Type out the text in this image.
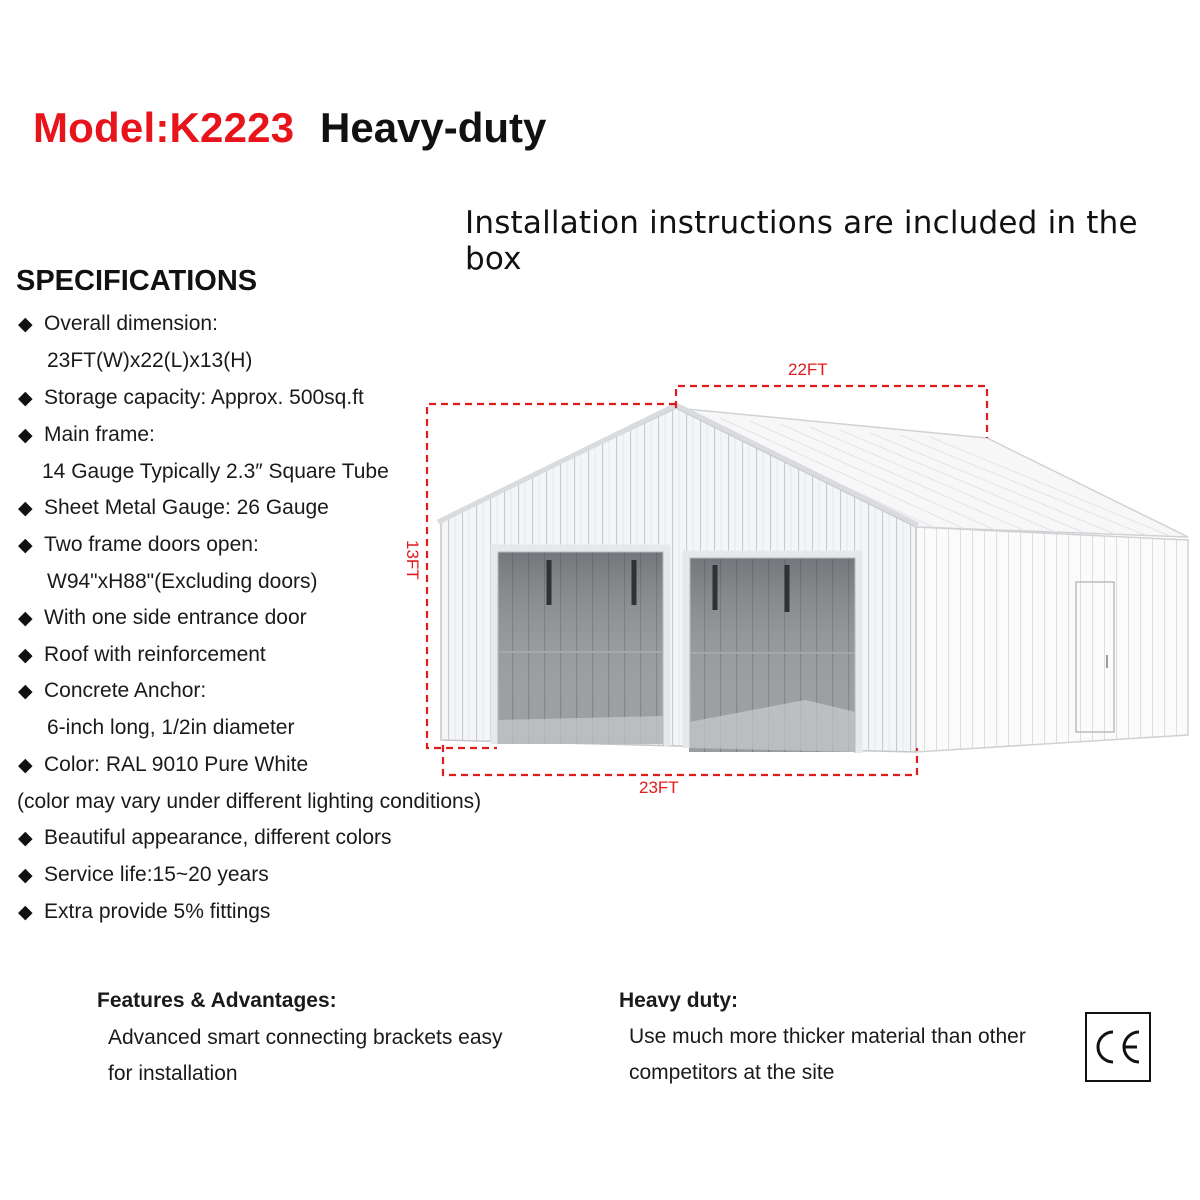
Model:K2223 Heavy-duty
Installation instructions are included in the box
SPECIFICATIONS
◆ Overall dimension:
23FT(W)x22(L)x13(H)
◆ Storage capacity: Approx. 500sq.ft
◆ Main frame:
14 Gauge Typically 2.3″ Square Tube
◆ Sheet Metal Gauge: 26 Gauge
◆ Two frame doors open:
W94"xH88"(Excluding doors)
◆ With one side entrance door
◆ Roof with reinforcement
◆ Concrete Anchor:
6-inch long, 1/2in diameter
◆ Color: RAL 9010 Pure White
(color may vary under different lighting conditions)
◆ Beautiful appearance, different colors
◆ Service life:15~20 years
◆ Extra provide 5% fittings
22FT
13FT
23FT
Features & Advantages:
Advanced smart connecting brackets easy
for installation
Heavy duty:
Use much more thicker material than other
competitors at the site
